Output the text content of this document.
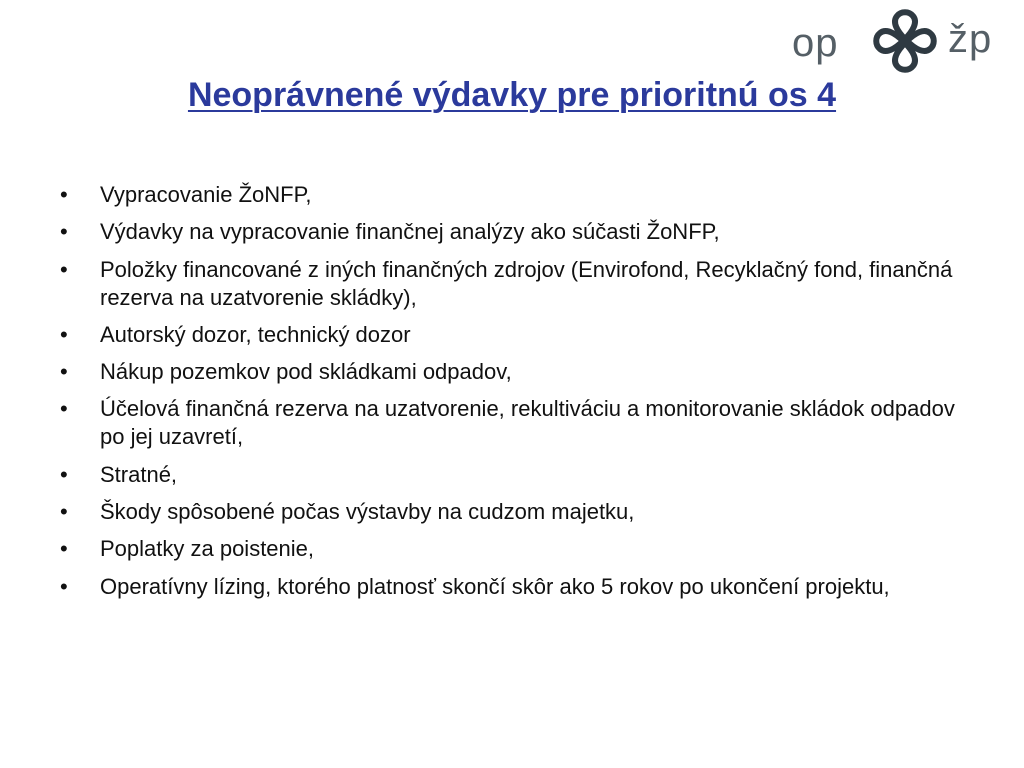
op	žp
Neoprávnené výdavky pre prioritnú os 4
• Vypracovanie ŽoNFP,
• Výdavky na vypracovanie finančnej analýzy ako súčasti ŽoNFP,
• Položky financované z iných finančných zdrojov (Envirofond, Recyklačný fond, finančná rezerva na uzatvorenie skládky),
• Autorský dozor, technický dozor
• Nákup pozemkov pod skládkami odpadov,
• Účelová finančná rezerva na uzatvorenie, rekultiváciu a monitorovanie skládok odpadov po jej uzavretí,
• Stratné,
• Škody spôsobené počas výstavby na cudzom majetku,
• Poplatky za poistenie,
• Operatívny lízing, ktorého platnosť skončí skôr ako 5 rokov po ukončení projektu,
